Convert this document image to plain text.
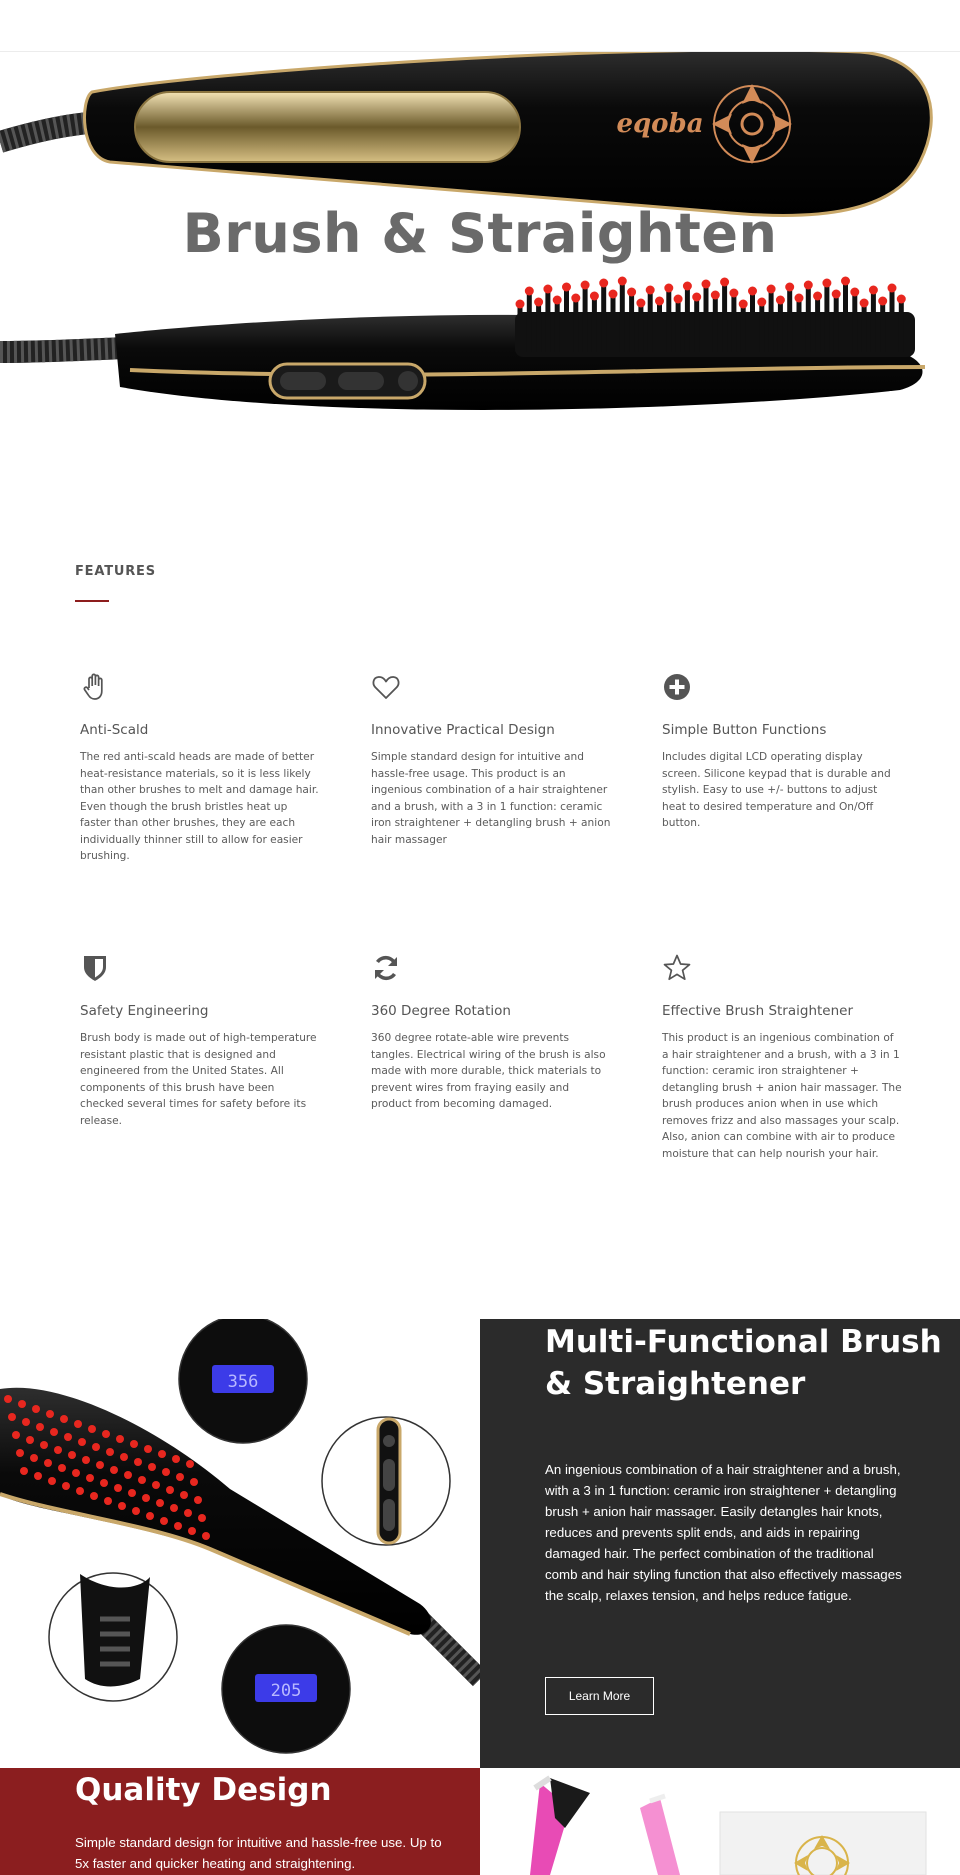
eqoba
Brush & Straighten
FEATURES
Anti-Scald
The red anti-scald heads are made of better heat-resistance materials, so it is less likely than other brushes to melt and damage hair. Even though the brush bristles heat up faster than other brushes, they are each individually thinner still to allow for easier brushing.
Innovative Practical Design
Simple standard design for intuitive and hassle-free usage. This product is an ingenious combination of a hair straightener and a brush, with a 3 in 1 function: ceramic iron straightener + detangling brush + anion hair massager
Simple Button Functions
Includes digital LCD operating display screen. Silicone keypad that is durable and stylish. Easy to use +/- buttons to adjust heat to desired temperature and On/Off button.
Safety Engineering
Brush body is made out of high-temperature resistant plastic that is designed and engineered from the United States. All components of this brush have been checked several times for safety before its release.
360 Degree Rotation
360 degree rotate-able wire prevents tangles. Electrical wiring of the brush is also made with more durable, thick materials to prevent wires from fraying easily and product from becoming damaged.
Effective Brush Straightener
This product is an ingenious combination of a hair straightener and a brush, with a 3 in 1 function: ceramic iron straightener + detangling brush + anion hair massager. The brush produces anion when in use which removes frizz and also massages your scalp. Also, anion can combine with air to produce moisture that can help nourish your hair.
356
205
Multi-Functional Brush & Straightener

An ingenious combination of a hair straightener and a brush, with a 3 in 1 function: ceramic iron straightener + detangling brush + anion hair massager. Easily detangles hair knots, reduces and prevents split ends, and aids in repairing damaged hair. The perfect combination of the traditional comb and hair styling function that also effectively massages the scalp, relaxes tension, and helps reduce fatigue.

Learn More
Quality Design

Simple standard design for intuitive and hassle-free use. Up to 5x faster and quicker heating and straightening.
